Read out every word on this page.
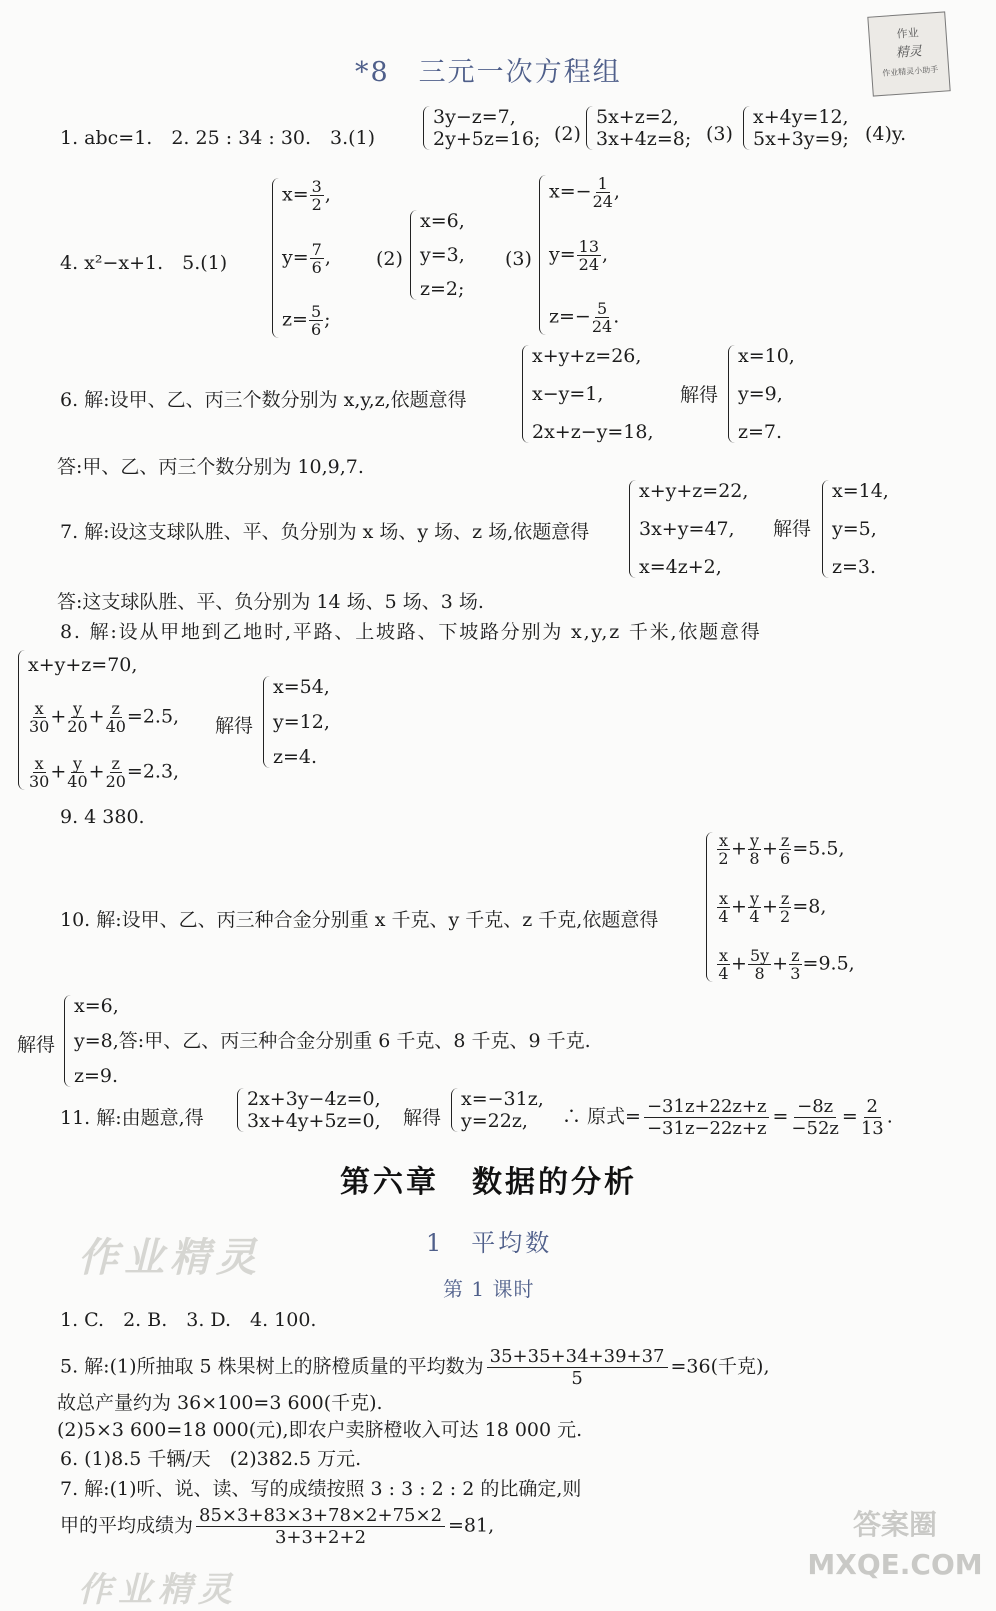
作业
精灵
作业精灵小助手
*8　三元一次方程组
1. abc=1.　2. 25 : 34 : 30.　3.(1)
3y−z=7,
2y+5z=16; (2)
5x+z=2,
3x+4z=8; (3)
x+4y=12,
5x+3y=9; (4)y.
4. x²−x+1.　5.(1)
$x= \frac{3}{2}$ ,
$y= \frac{7}{6}$ ,
$z= \frac{5}{6}$ ;
(2)
x=6,
y=3,
z=2;
(3)
$x=- \frac{1}{24}$ ,
$y= \frac{13}{24}$ ,
$z=- \frac{5}{24}$ .
6. 解:设甲、乙、丙三个数分别为 x,y,z,依题意得
x+y+z=26,
x−y=1,
2x+z−y=18,
解得
x=10,
y=9,
z=7.
答:甲、乙、丙三个数分别为 10,9,7.
7. 解:设这支球队胜、平、负分别为 x 场、y 场、z 场,依题意得
x+y+z=22,
3x+y=47,
x=4z+2,
解得
x=14,
y=5,
z=3.
答:这支球队胜、平、负分别为 14 场、5 场、3 场.
8. 解:设从甲地到乙地时,平路、上坡路、下坡路分别为 x,y,z 千米,依题意得
x+y+z=70,
$\frac{x}{30} + \frac{y}{20} + \frac{z}{40} =2.5$,
$\frac{x}{30} + \frac{y}{40} + \frac{z}{20} =2.3$,
解得
x=54,
y=12,
z=4.
9. 4 380.
10. 解:设甲、乙、丙三种合金分别重 x 千克、y 千克、z 千克,依题意得
$\frac{x}{2} + \frac{y}{8} + \frac{z}{6} =5.5$,
$\frac{x}{4} + \frac{y}{4} + \frac{z}{2} =8$,
$\frac{x}{4} + \frac{5y}{8} + \frac{z}{3} =9.5$,
解得
x=6,
y=8,答:甲、乙、丙三种合金分别重 6 千克、8 千克、9 千克.
z=9.
11. 解:由题意,得
2x+3y−4z=0,
3x+4y+5z=0, 解得
x=−31z,
y=22z,	∴ 原式= $\frac{-31z+22z+z}{-31z-22z+z} = \frac{-8z}{-52z} = \frac{2}{13}$ .
第六章　数据的分析
作业精灵	1　平均数
第 1 课时
1. C.　2. B.　3. D.　4. 100.
5. 解:(1)所抽取 5 株果树上的脐橙质量的平均数为 $\frac{35+35+34+39+37}{5} =36$(千克),
故总产量约为 36×100=3 600(千克).
(2)5×3 600=18 000(元),即农户卖脐橙收入可达 18 000 元.
6. (1)8.5 千辆/天　(2)382.5 万元.
7. 解:(1)听、说、读、写的成绩按照 3 : 3 : 2 : 2 的比确定,则
甲的平均成绩为 $\frac{85\times 3+83\times 3+78\times 2+75\times 2}{3+3+2+2} =81$,
作业精灵
答案圈 MXQE.COM
